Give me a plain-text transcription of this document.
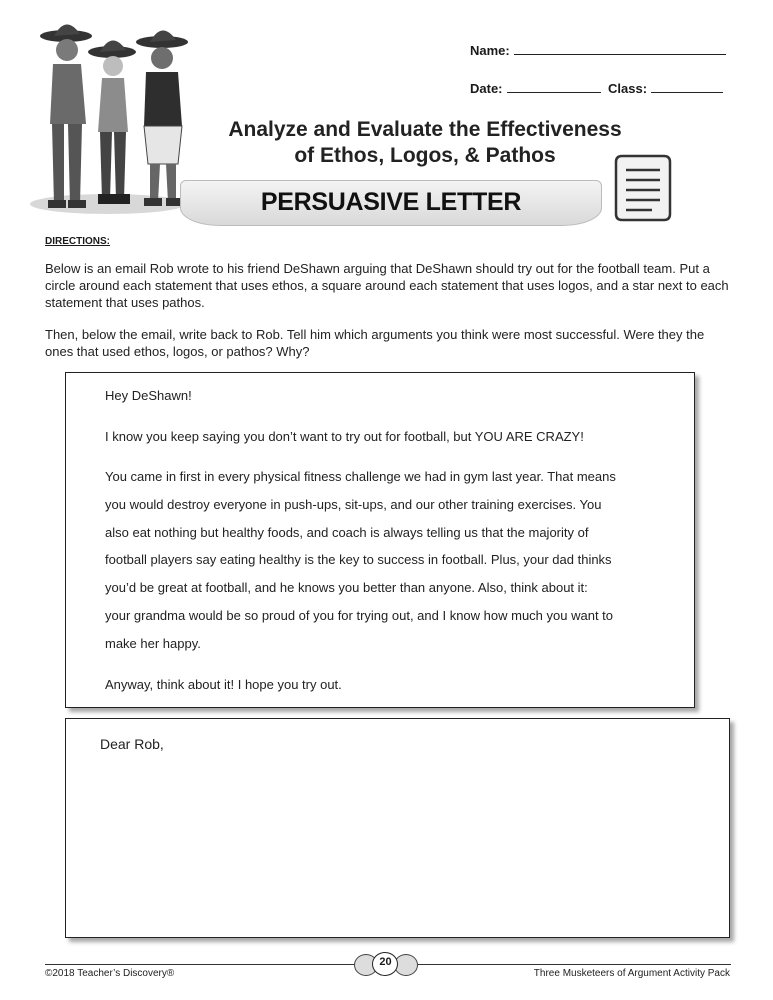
Name:
Date:	Class:
Analyze and Evaluate the Effectiveness
of Ethos, Logos, & Pathos
PERSUASIVE LETTER
DIRECTIONS:
Below is an email Rob wrote to his friend DeShawn arguing that DeShawn should try out for the football team. Put a circle around each statement that uses ethos, a square around each statement that uses logos, and a star next to each statement that uses pathos.
Then, below the email, write back to Rob. Tell him which arguments you think were most successful. Were they the ones that used ethos, logos, or pathos? Why?
Hey DeShawn!
I know you keep saying you don’t want to try out for football, but YOU ARE CRAZY!
You came in first in every physical fitness challenge we had in gym last year. That means
you would destroy everyone in push-ups, sit-ups, and our other training exercises. You
also eat nothing but healthy foods, and coach is always telling us that the majority of
football players say eating healthy is the key to success in football. Plus, your dad thinks
you’d be great at football, and he knows you better than anyone. Also, think about it:
your grandma would be so proud of you for trying out, and I know how much you want to
make her happy.
Anyway, think about it! I hope you try out.
Dear Rob,
20
©2018 Teacher’s Discovery®	Three Musketeers of Argument Activity Pack
